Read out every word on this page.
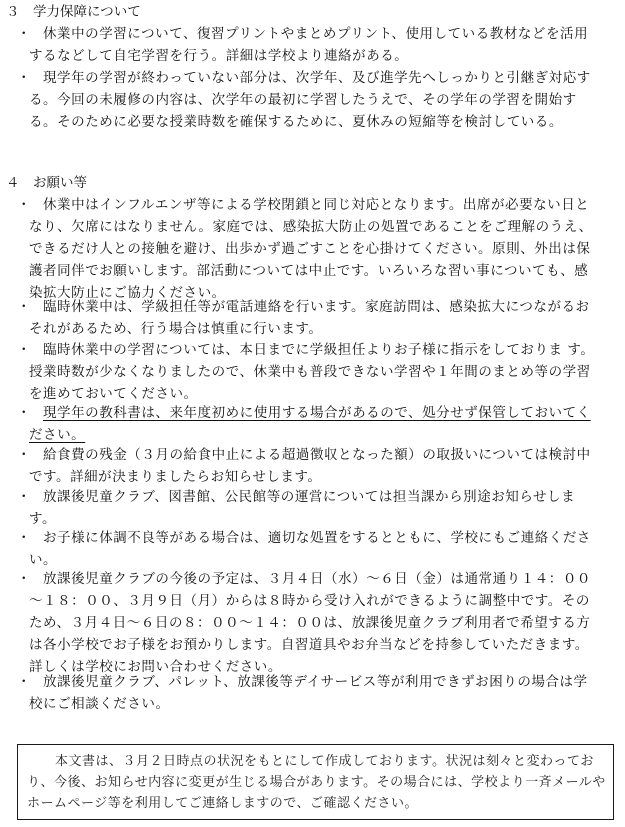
３　学力保障について
・ 休業中の学習について、復習プリントやまとめプリント、使用している教材などを活用するなどして自宅学習を行う。詳細は学校より連絡がある。
・ 現学年の学習が終わっていない部分は、次学年、及び進学先へしっかりと引継ぎ対応する。今回の未履修の内容は、次学年の最初に学習したうえで、その学年の学習を開始する。そのために必要な授業時数を確保するために、夏休みの短縮等を検討している。
４　お願い等
・ 休業中はインフルエンザ等による学校閉鎖と同じ対応となります。出席が必要ない日となり、欠席にはなりません。家庭では、感染拡大防止の処置であることをご理解のうえ、できるだけ人との接触を避け、出歩かず過ごすことを心掛けてください。原則、外出は保護者同伴でお願いします。部活動については中止です。いろいろな習い事についても、感染拡大防止にご協力ください。
・ 臨時休業中は、学級担任等が電話連絡を行います。家庭訪問は、感染拡大につながるおそれがあるため、行う場合は慎重に行います。
・ 臨時休業中の学習については、本日までに学級担任よりお子様に指示をしておりま す。授業時数が少なくなりましたので、休業中も普段できない学習や１年間のまとめ等の学習を進めておいてください。
・ 現学年の教科書は、来年度初めに使用する場合があるので、処分せず保管しておいてください。
・ 給食費の残金（３月の給食中止による超過徴収となった額）の取扱いについては検討中です。詳細が決まりましたらお知らせします。
・ 放課後児童クラブ、図書館、公民館等の運営については担当課から別途お知らせします。
・ お子様に体調不良等がある場合は、適切な処置をするとともに、学校にもご連絡ください。
・ 放課後児童クラブの今後の予定は、３月４日（水）～６日（金）は通常通り１４：００～１８：００、３月９日（月）からは８時から受け入れができるように調整中です。そのため、３月４日～６日の８：００～１４：００は、放課後児童クラブ利用者で希望する方は各小学校でお子様をお預かりします。自習道具やお弁当などを持参していただきます。詳しくは学校にお問い合わせください。
・ 放課後児童クラブ、パレット、放課後等デイサービス等が利用できずお困りの場合は学校にご相談ください。
本文書は、３月２日時点の状況をもとにして作成しております。状況は刻々と変わっており、今後、お知らせ内容に変更が生じる場合があります。その場合には、学校より一斉メールやホームページ等を利用してご連絡しますので、ご確認ください。
